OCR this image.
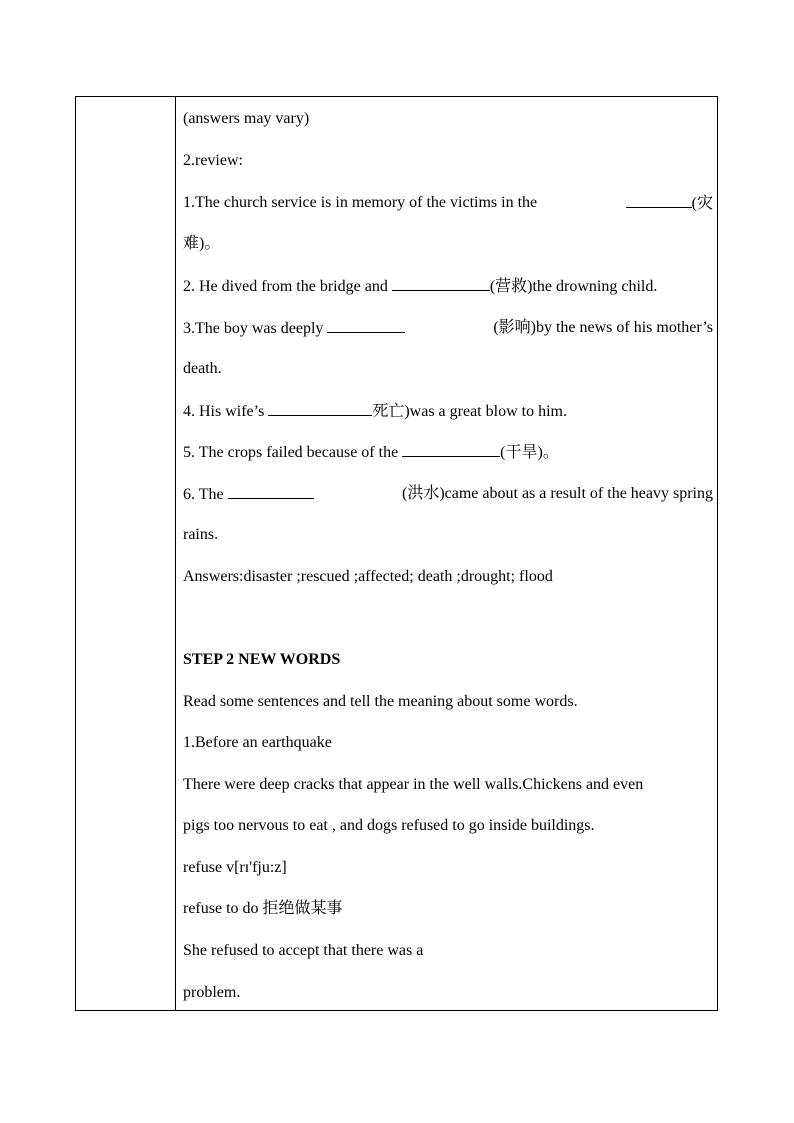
(answers may vary)
2.review:
1.The church service is in memory of the victims in the	(灾
难)。
2. He dived from the bridge and	(营救)the drowning child.
3.The boy was deeply	(影响)by the news of his mother’s
death.
4. His wife’s	死亡)was a great blow to him.
5. The crops failed because of the	(干旱)。
6. The	(洪水)came about as a result of the heavy spring
rains.
Answers:disaster ;rescued ;affected; death ;drought; flood
STEP 2 NEW WORDS
Read some sentences and tell the meaning about some words.
1.Before an earthquake
There were deep cracks that appear in the well walls.Chickens and even
pigs too nervous to eat , and dogs refused to go inside buildings.
refuse v[rɪ'fju:z]
refuse to do 拒绝做某事
She refused to accept that there was a
problem.
